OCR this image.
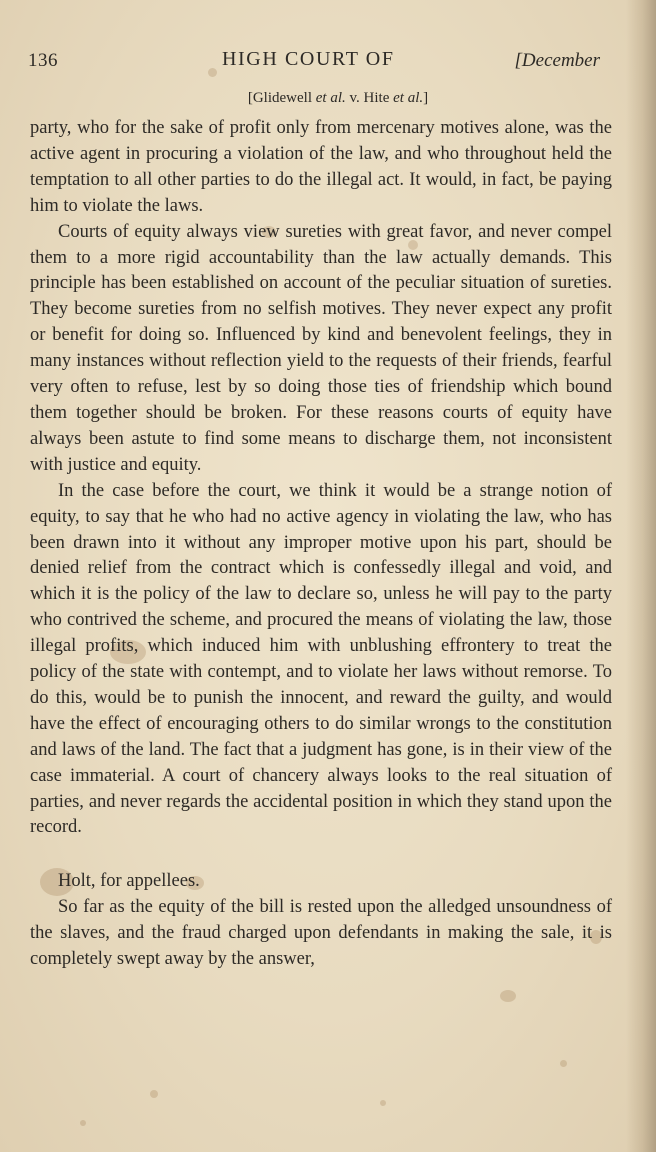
136	HIGH COURT OF	[December
[Glidewell et al. v. Hite et al.]

party, who for the sake of profit only from mercenary motives alone, was the active agent in procuring a violation of the law, and who throughout held the temptation to all other parties to do the illegal act. It would, in fact, be paying him to violate the laws.

Courts of equity always view sureties with great favor, and never compel them to a more rigid accountability than the law actually demands. This principle has been established on account of the peculiar situation of sureties. They become sureties from no selfish motives. They never expect any profit or benefit for doing so. Influenced by kind and benevolent feelings, they in many instances without reflection yield to the requests of their friends, fearful very often to refuse, lest by so doing those ties of friendship which bound them together should be broken. For these reasons courts of equity have always been astute to find some means to discharge them, not inconsistent with justice and equity.

In the case before the court, we think it would be a strange notion of equity, to say that he who had no active agency in violating the law, who has been drawn into it without any improper motive upon his part, should be denied relief from the contract which is confessedly illegal and void, and which it is the policy of the law to declare so, unless he will pay to the party who contrived the scheme, and procured the means of violating the law, those illegal profits, which induced him with unblushing effrontery to treat the policy of the state with contempt, and to violate her laws without remorse. To do this, would be to punish the innocent, and reward the guilty, and would have the effect of encouraging others to do similar wrongs to the constitution and laws of the land. The fact that a judgment has gone, is in their view of the case immaterial. A court of chancery always looks to the real situation of parties, and never regards the accidental position in which they stand upon the record.

Holt, for appellees.

So far as the equity of the bill is rested upon the alledged unsoundness of the slaves, and the fraud charged upon defendants in making the sale, it is completely swept away by the answer,
